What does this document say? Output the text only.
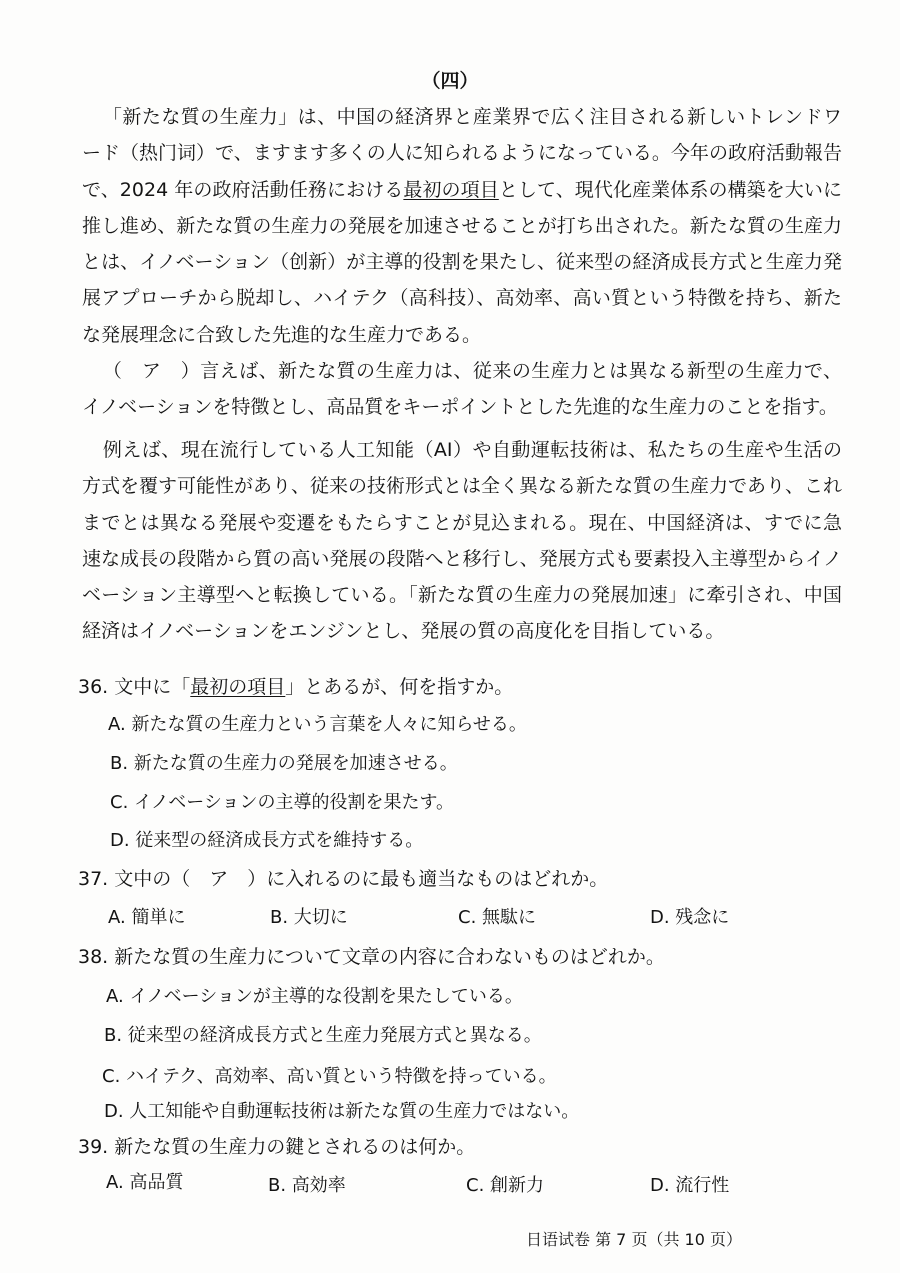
（四）

「新たな質の生産力」は、中国の経済界と産業界で広く注目される新しいトレンドワード（热门词）で、ますます多くの人に知られるようになっている。今年の政府活動報告で、2024 年の政府活動任務における最初の項目として、現代化産業体系の構築を大いに推し進め、新たな質の生産力の発展を加速させることが打ち出された。新たな質の生産力とは、イノベーション（创新）が主導的役割を果たし、従来型の経済成長方式と生産力発展アプローチから脱却し、ハイテク（高科技）、高効率、高い質という特徴を持ち、新たな発展理念に合致した先進的な生産力である。

（　ア　）言えば、新たな質の生産力は、従来の生産力とは異なる新型の生産力で、イノベーションを特徴とし、高品質をキーポイントとした先進的な生産力のことを指す。

例えば、現在流行している人工知能（AI）や自動運転技術は、私たちの生産や生活の方式を覆す可能性があり、従来の技術形式とは全く異なる新たな質の生産力であり、これまでとは異なる発展や変遷をもたらすことが見込まれる。現在、中国経済は、すでに急速な成長の段階から質の高い発展の段階へと移行し、発展方式も要素投入主導型からイノベーション主導型へと転換している。「新たな質の生産力の発展加速」に牽引され、中国経済はイノベーションをエンジンとし、発展の質の高度化を目指している。

36. 文中に「最初の項目」とあるが、何を指すか。
A. 新たな質の生産力という言葉を人々に知らせる。
B. 新たな質の生産力の発展を加速させる。
C. イノベーションの主導的役割を果たす。
D. 従来型の経済成長方式を維持する。
37. 文中の（　ア　）に入れるのに最も適当なものはどれか。
A. 簡単に	B. 大切に	C. 無駄に	D. 残念に
38. 新たな質の生産力について文章の内容に合わないものはどれか。
A. イノベーションが主導的な役割を果たしている。
B. 従来型の経済成長方式と生産力発展方式と異なる。
C. ハイテク、高効率、高い質という特徴を持っている。
D. 人工知能や自動運転技術は新たな質の生産力ではない。
39. 新たな質の生産力の鍵とされるのは何か。
A. 高品質	B. 高効率	C. 創新力	D. 流行性
日语试卷 第 7 页（共 10 页）
